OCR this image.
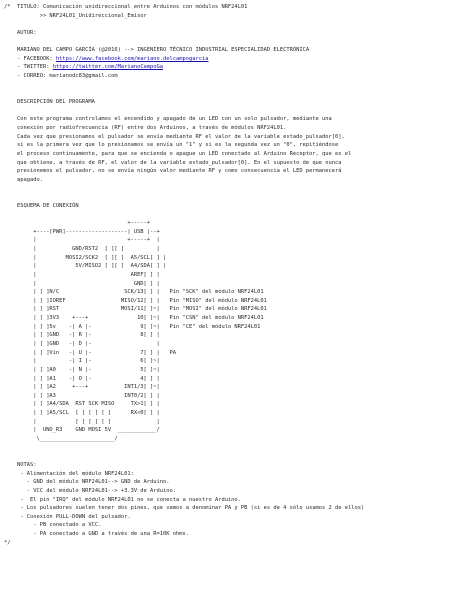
/*  TITULO: Comunicación unidireccional entre Arduinos con módulos NRF24L01
>> NRF24L01_Unidireccional_Emisor
AUTOR:
MARIANO DEL CAMPO GARCÍA (@2016) --> INGENIERO TÉCNICO INDUSTRIAL ESPECIALIDAD ELECTRÓNICA
- FACEBOOK: https://www.facebook.com/mariano.delcampogarcia
- TWITTER: https://twitter.com/MarianoCampoGa
- CORREO: marianodc83@gmail.com
DESCRIPCIÓN DEL PROGRAMA
Con este programa controlamos el encendido y apagado de un LED con un solo pulsador, mediante una
conexión por radiofrecuencia (RF) entre dos Arduinos, a través de módulos NRF24L01.
Cada vez que presionamos el pulsador se envía mediante RF el valor de la variable estado_pulsador[0],
si es la primera vez que lo presionamos se envía un "1" y si es la segunda vez un "0", repitiéndose
el proceso continuamente, para que se encienda o apague un LED conectado al Arduino Receptor, que es el
que obtiene, a través de RF, el valor de la variable estado_pulsador[0]. En el supuesto de que nunca
presionemos el pulsador, no se envía ningún valor mediante RF y como consecuencia el LED permanecerá
apagado.
ESQUEMA DE CONEXIÓN
+-----+
+----[PWR]-------------------| USB |--+
|                            +-----+  |
|           GND/RST2  [ ][ ]          |
|         MOSI2/SCK2  [ ][ ]  A5/SCL[ ] |
|            5V/MISO2 [ ][ ]  A4/SDA[ ] |
|                             AREF[ ] |
|                              GND[ ] |
| [ ]N/C                    SCK/13[ ] |   Pin "SCK" del módulo NRF24L01
| [ ]IOREF                 MISO/12[ ] |   Pin "MISO" del módulo NRF24L01
| [ ]RST                   MOSI/11[ ]~|   Pin "MOSI" del módulo NRF24L01
| [ ]3V3    +---+               10[ ]~|   Pin "CSN" del módulo NRF24L01
| [ ]5v    -| A |-               9[ ]~|   Pin "CE" del módulo NRF24L01
| [ ]GND   -| R |-               8[ ] |
| [ ]GND   -| D |-                    |
| [ ]Vin   -| U |-               7[ ] |   PA
|          -| I |-               6[ ]~|
| [ ]A0    -| N |-               5[ ]~|
| [ ]A1    -| O |-               4[ ] |
| [ ]A2     +---+           INT1/3[ ]~|
| [ ]A3                     INT0/2[ ] |
| [ ]A4/SDA  RST SCK MISO     TX>1[ ] |
| [ ]A5/SCL  [ ] [ ] [ ]      RX<0[ ] |
|            [ ] [ ] [ ]              |
|  UNO_R3    GND MOSI 5V  ____________/
\_______________________/
NOTAS:
- Alimentación del módulo NRF24L01:
- GND del módulo NRF24L01--> GND de Arduino.
- VCC del módulo NRF24L01--> +3.3V de Arduino.
-  El pin "IRQ" del módulo NRF24L01 no se conecta a nuestro Arduino.
- Los pulsadores suelen tener dos pines, que vamos a denominar PA y PB (si es de 4 sólo usamos 2 de ellos)
- Conexión PULL-DOWN del pulsador.
- PB conectado a VCC.
- PA conectado a GND a través de una R=10K ohms.
*/
